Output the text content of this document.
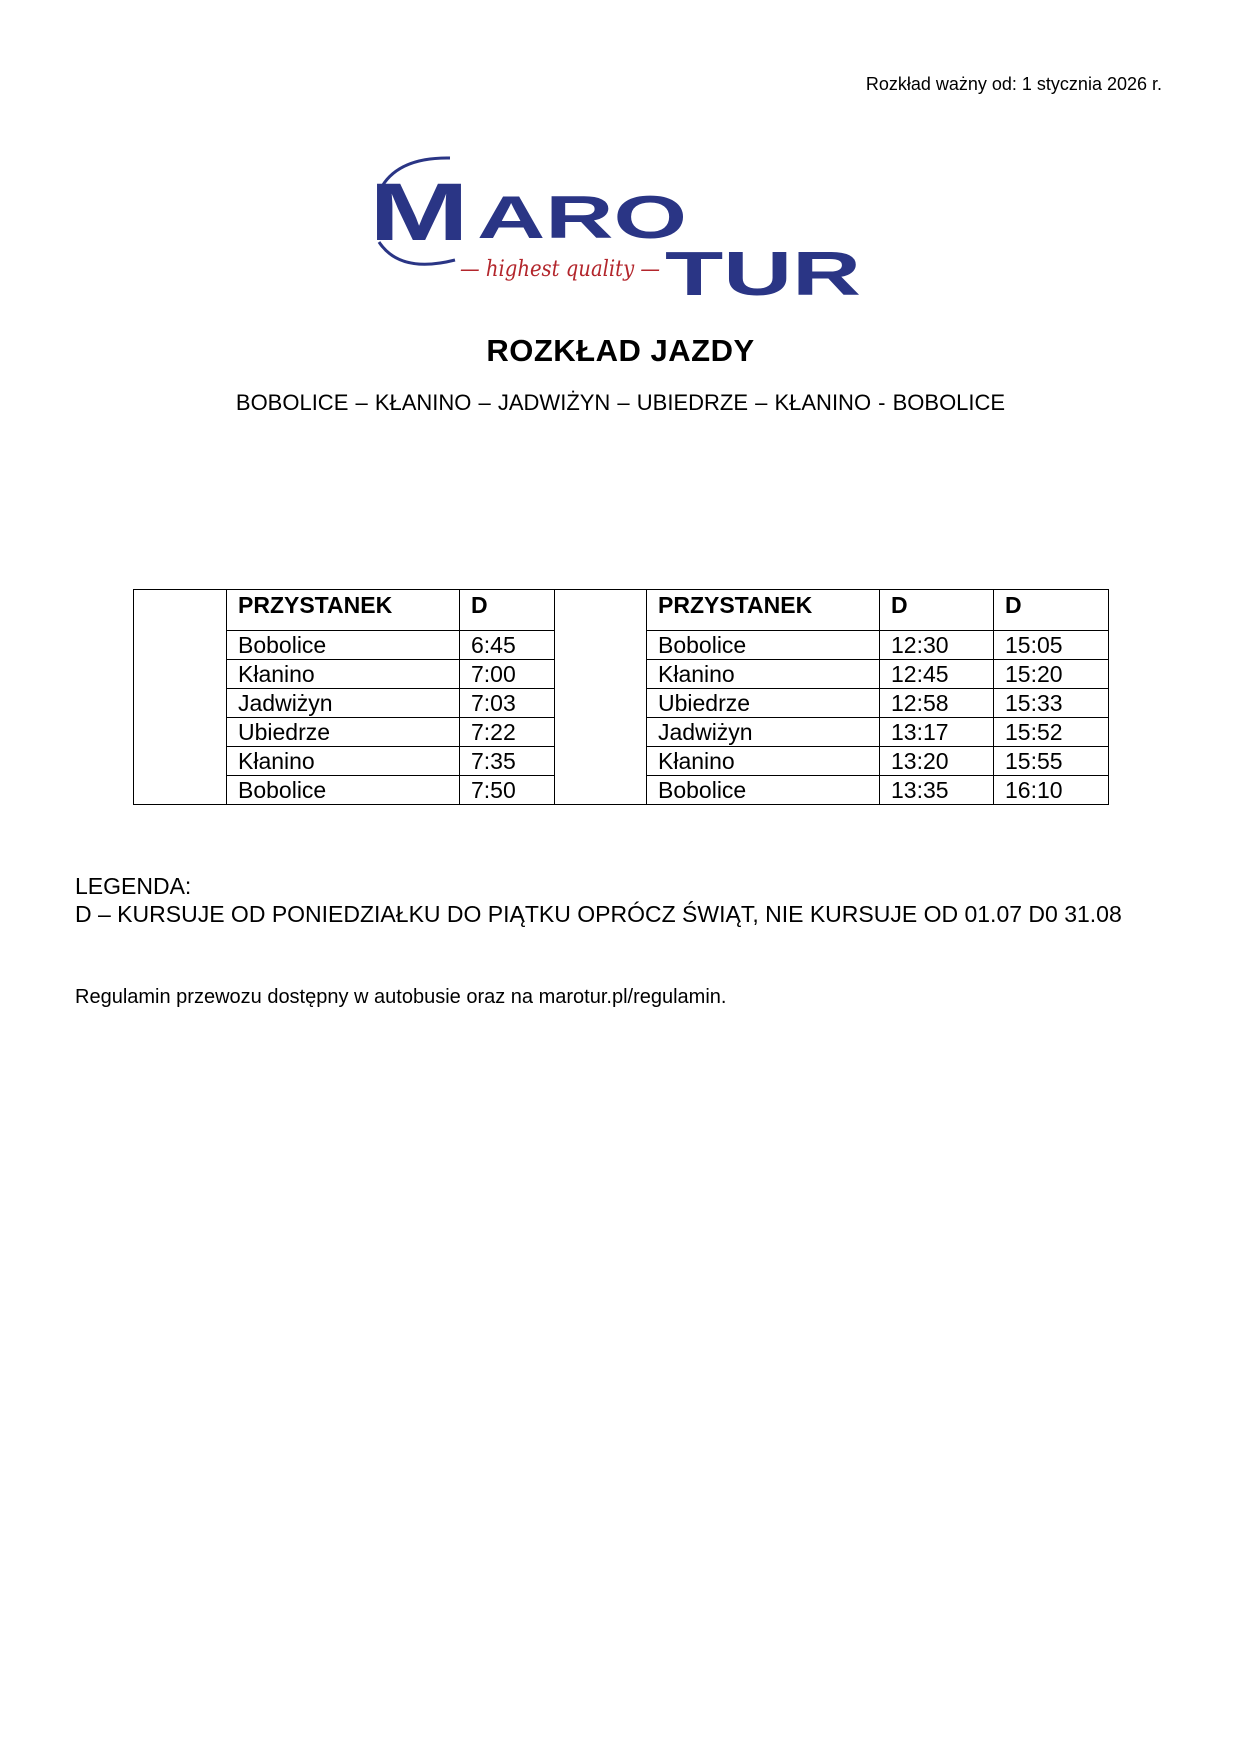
Rozkład ważny od: 1 stycznia 2026 r.
M ARO
— highest quality — TUR
ROZKŁAD JAZDY
BOBOLICE – KŁANINO – JADWIŻYN – UBIEDRZE – KŁANINO - BOBOLICE
	PRZYSTANEK	D		PRZYSTANEK	D	D
	Bobolice	6:45		Bobolice	12:30	15:05
	Kłanino	7:00		Kłanino	12:45	15:20
	Jadwiżyn	7:03		Ubiedrze	12:58	15:33
	Ubiedrze	7:22		Jadwiżyn	13:17	15:52
	Kłanino	7:35		Kłanino	13:20	15:55
	Bobolice	7:50		Bobolice	13:35	16:10
LEGENDA:
D – KURSUJE OD PONIEDZIAŁKU DO PIĄTKU OPRÓCZ ŚWIĄT, NIE KURSUJE OD 01.07 D0 31.08
Regulamin przewozu dostępny w autobusie oraz na marotur.pl/regulamin.
